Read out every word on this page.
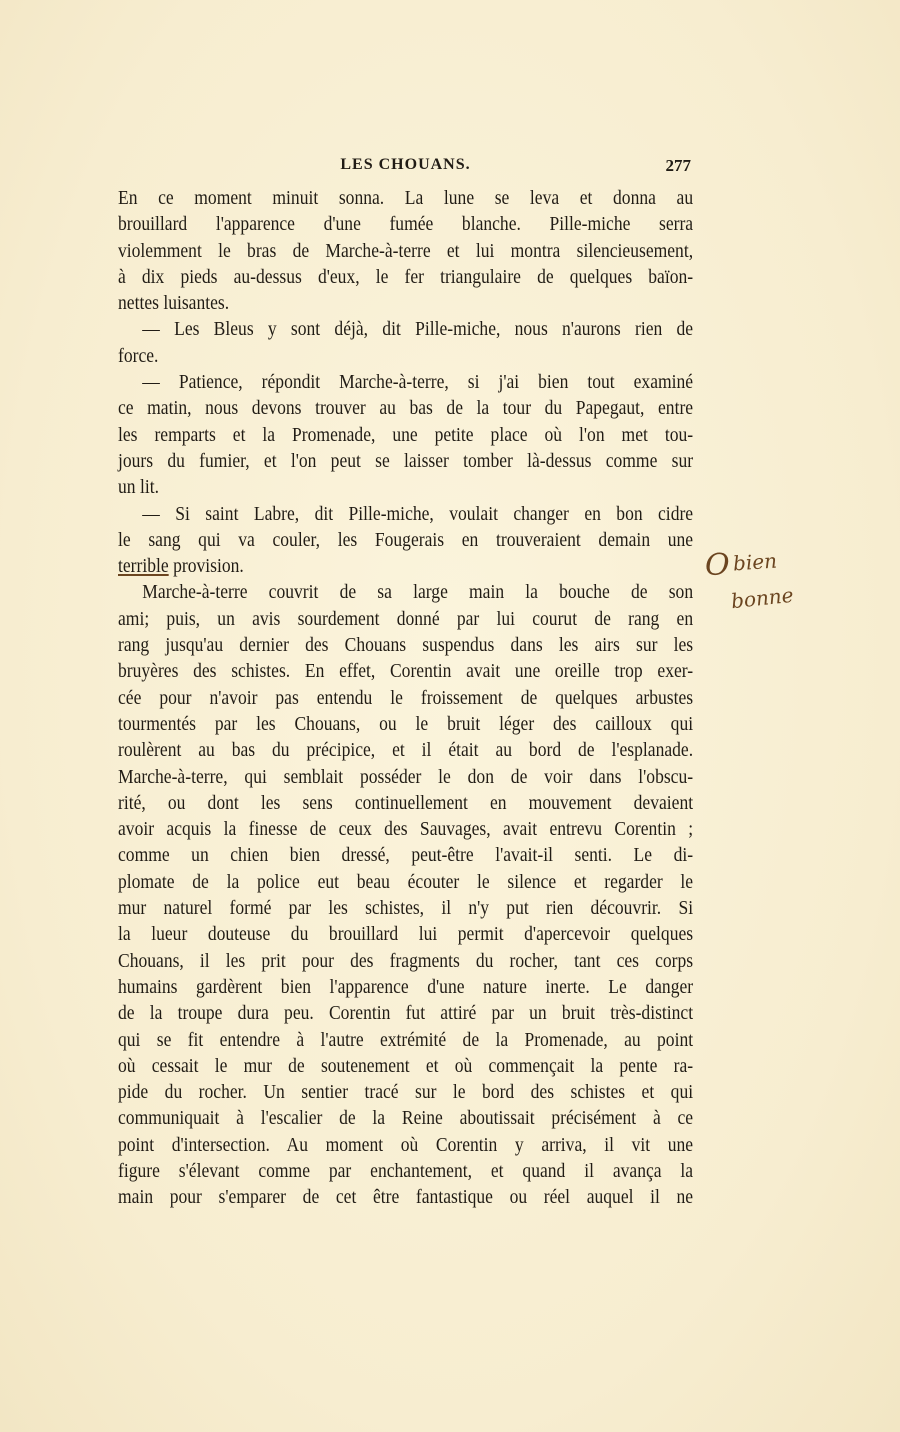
LES CHOUANS.	277
En ce moment minuit sonna. La lune se leva et donna au
brouillard l'apparence d'une fumée blanche. Pille-miche serra
violemment le bras de Marche-à-terre et lui montra silencieusement,
à dix pieds au-dessus d'eux, le fer triangulaire de quelques baïon-
nettes luisantes.
— Les Bleus y sont déjà, dit Pille-miche, nous n'aurons rien de
force.
— Patience, répondit Marche-à-terre, si j'ai bien tout examiné
ce matin, nous devons trouver au bas de la tour du Papegaut, entre
les remparts et la Promenade, une petite place où l'on met tou-
jours du fumier, et l'on peut se laisser tomber là-dessus comme sur
un lit.
— Si saint Labre, dit Pille-miche, voulait changer en bon cidre
le sang qui va couler, les Fougerais en trouveraient demain une
terrible provision.
Marche-à-terre couvrit de sa large main la bouche de son
ami; puis, un avis sourdement donné par lui courut de rang en
rang jusqu'au dernier des Chouans suspendus dans les airs sur les
bruyères des schistes. En effet, Corentin avait une oreille trop exer-
cée pour n'avoir pas entendu le froissement de quelques arbustes
tourmentés par les Chouans, ou le bruit léger des cailloux qui
roulèrent au bas du précipice, et il était au bord de l'esplanade.
Marche-à-terre, qui semblait posséder le don de voir dans l'obscu-
rité, ou dont les sens continuellement en mouvement devaient
avoir acquis la finesse de ceux des Sauvages, avait entrevu Corentin ;
comme un chien bien dressé, peut-être l'avait-il senti. Le di-
plomate de la police eut beau écouter le silence et regarder le
mur naturel formé par les schistes, il n'y put rien découvrir. Si
la lueur douteuse du brouillard lui permit d'apercevoir quelques
Chouans, il les prit pour des fragments du rocher, tant ces corps
humains gardèrent bien l'apparence d'une nature inerte. Le danger
de la troupe dura peu. Corentin fut attiré par un bruit très-distinct
qui se fit entendre à l'autre extrémité de la Promenade, au point
où cessait le mur de soutenement et où commençait la pente ra-
pide du rocher. Un sentier tracé sur le bord des schistes et qui
communiquait à l'escalier de la Reine aboutissait précisément à ce
point d'intersection. Au moment où Corentin y arriva, il vit une
figure s'élevant comme par enchantement, et quand il avança la
main pour s'emparer de cet être fantastique ou réel auquel il ne
O bien
bonne
